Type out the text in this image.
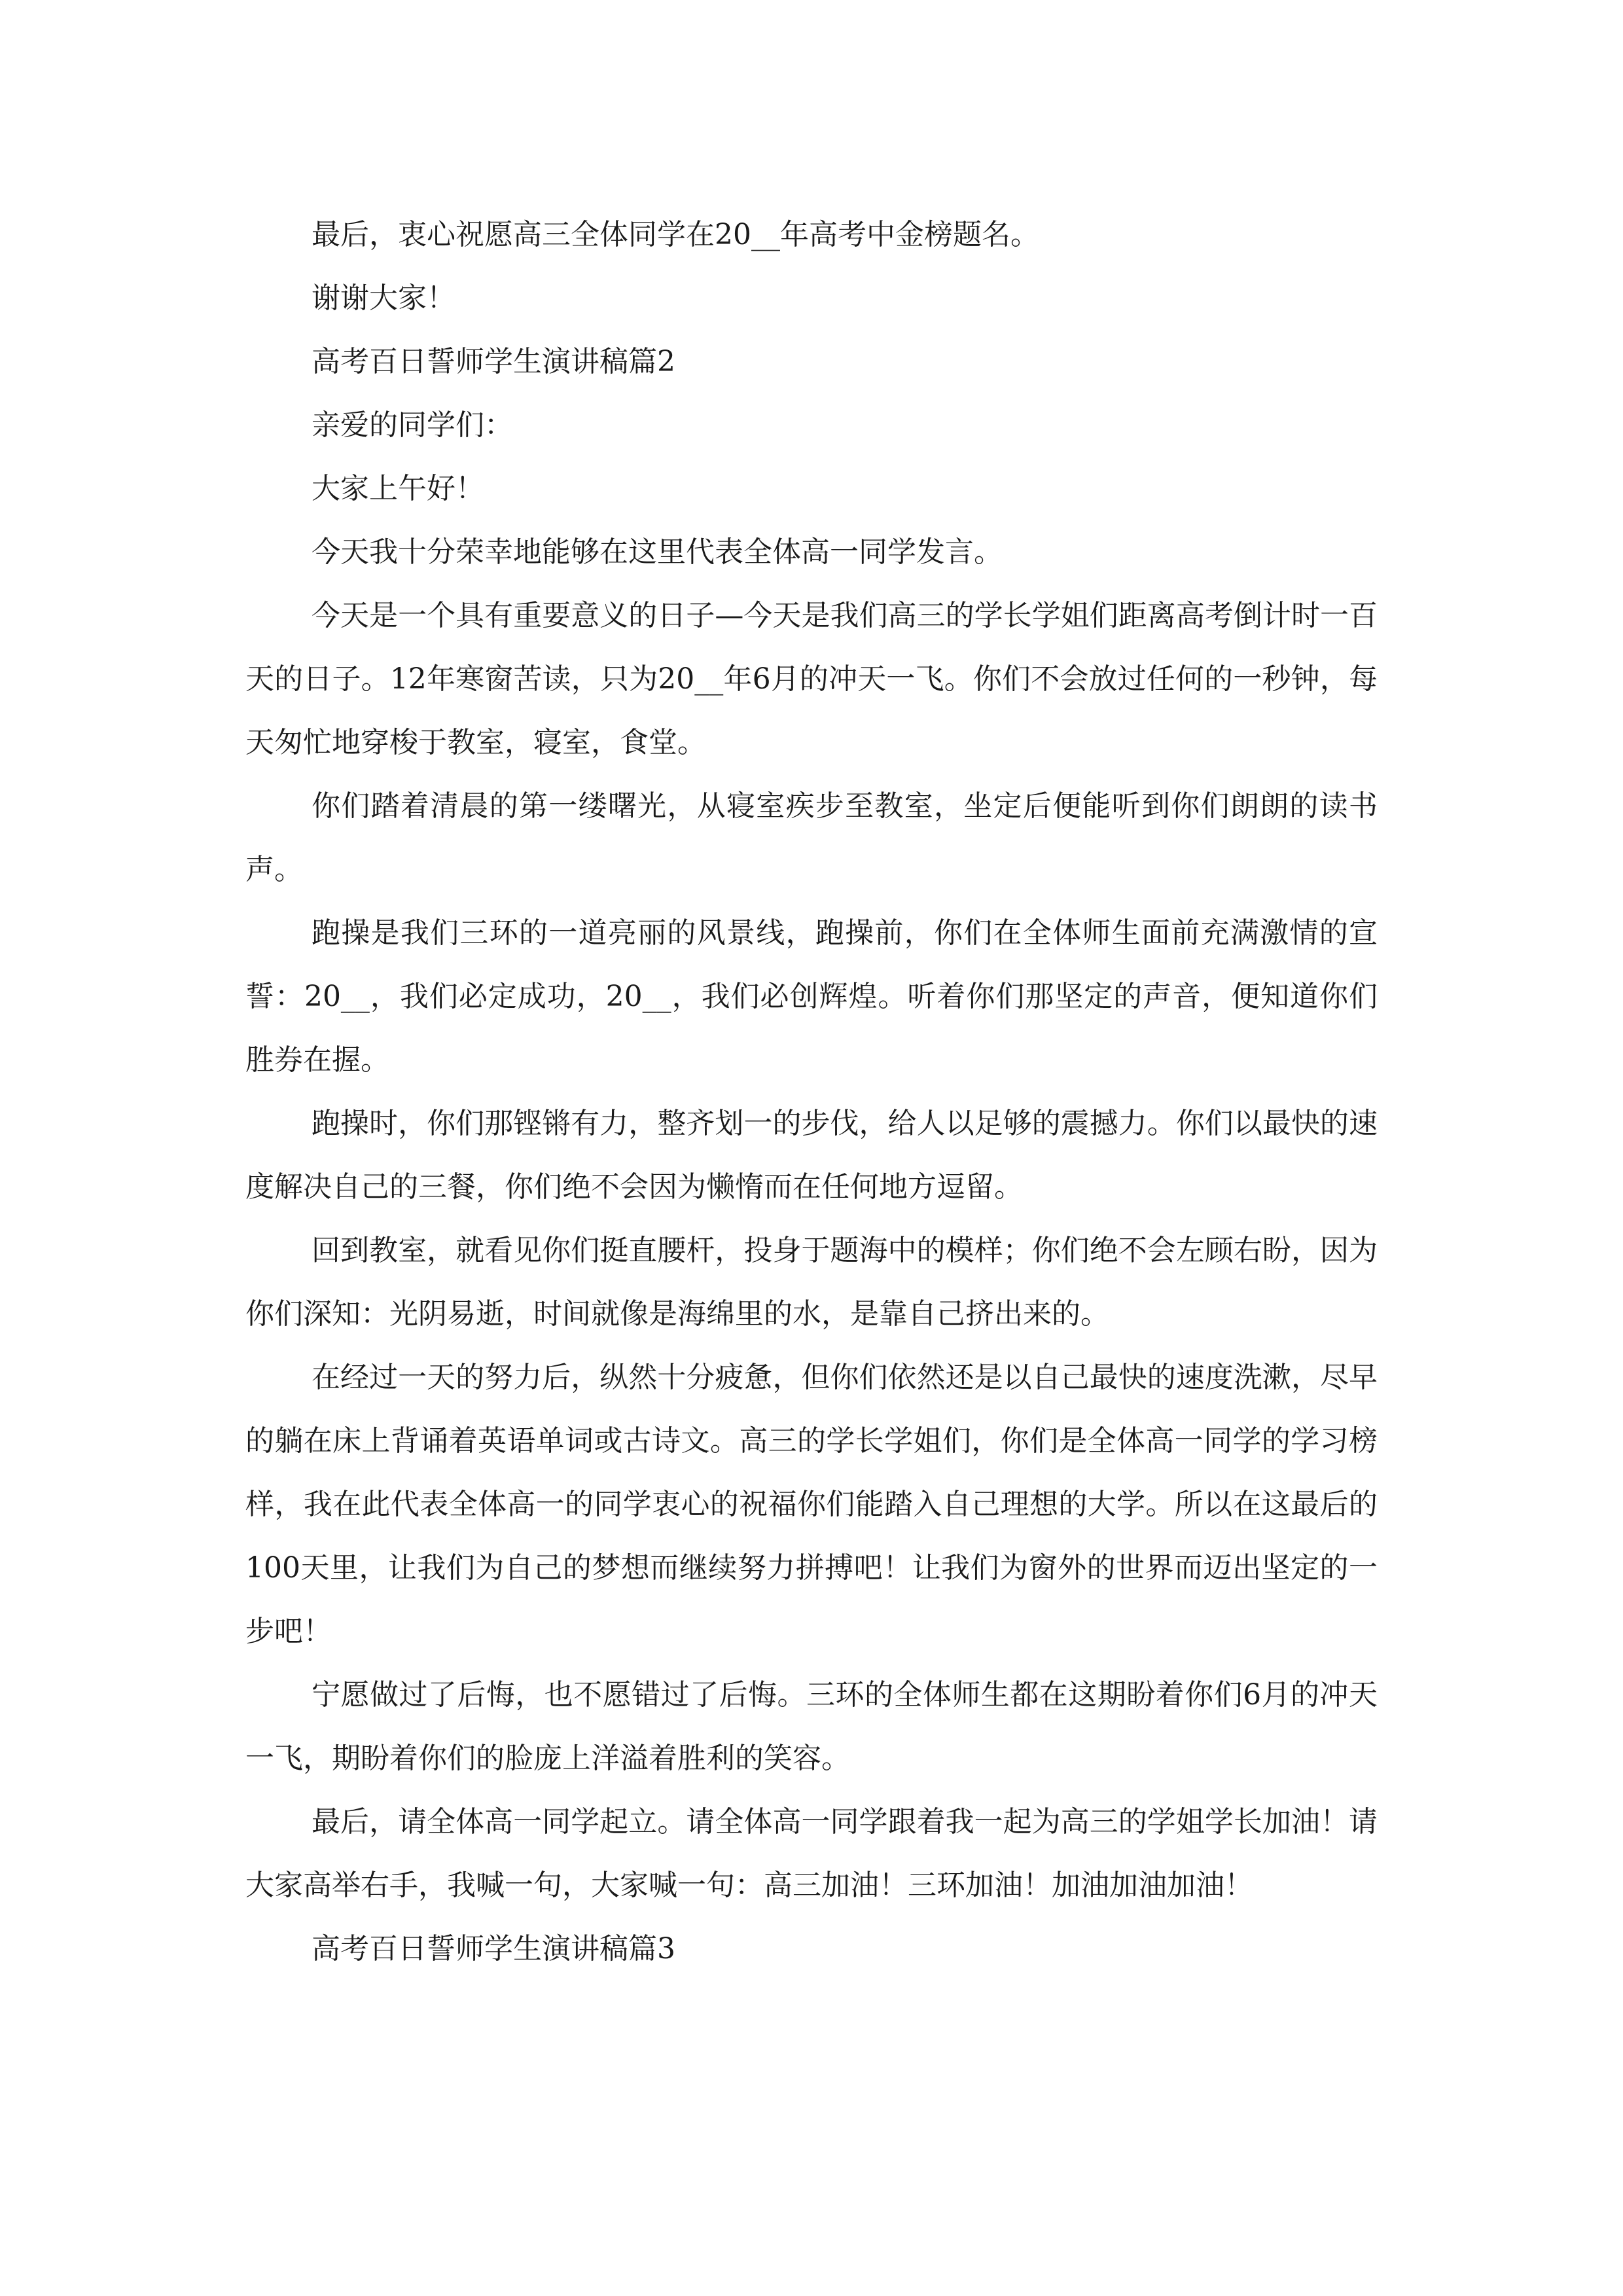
最后，衷心祝愿高三全体同学在20__年高考中金榜题名。

谢谢大家！

高考百日誓师学生演讲稿篇2

亲爱的同学们：

大家上午好！

今天我十分荣幸地能够在这里代表全体高一同学发言。

今天是一个具有重要意义的日子—今天是我们高三的学长学姐们距离高考倒计时一百天的日子。12年寒窗苦读，只为20__年6月的冲天一飞。你们不会放过任何的一秒钟，每天匆忙地穿梭于教室，寝室，食堂。

你们踏着清晨的第一缕曙光，从寝室疾步至教室，坐定后便能听到你们朗朗的读书声。

跑操是我们三环的一道亮丽的风景线，跑操前，你们在全体师生面前充满激情的宣誓：20__，我们必定成功，20__，我们必创辉煌。听着你们那坚定的声音，便知道你们胜券在握。

跑操时，你们那铿锵有力，整齐划一的步伐，给人以足够的震撼力。你们以最快的速度解决自己的三餐，你们绝不会因为懒惰而在任何地方逗留。

回到教室，就看见你们挺直腰杆，投身于题海中的模样；你们绝不会左顾右盼，因为你们深知：光阴易逝，时间就像是海绵里的水，是靠自己挤出来的。

在经过一天的努力后，纵然十分疲惫，但你们依然还是以自己最快的速度洗漱，尽早的躺在床上背诵着英语单词或古诗文。高三的学长学姐们，你们是全体高一同学的学习榜样，我在此代表全体高一的同学衷心的祝福你们能踏入自己理想的大学。所以在这最后的100天里，让我们为自己的梦想而继续努力拼搏吧！让我们为窗外的世界而迈出坚定的一步吧！

宁愿做过了后悔，也不愿错过了后悔。三环的全体师生都在这期盼着你们6月的冲天一飞，期盼着你们的脸庞上洋溢着胜利的笑容。

最后，请全体高一同学起立。请全体高一同学跟着我一起为高三的学姐学长加油！请大家高举右手，我喊一句，大家喊一句：高三加油！三环加油！加油加油加油！

高考百日誓师学生演讲稿篇3
